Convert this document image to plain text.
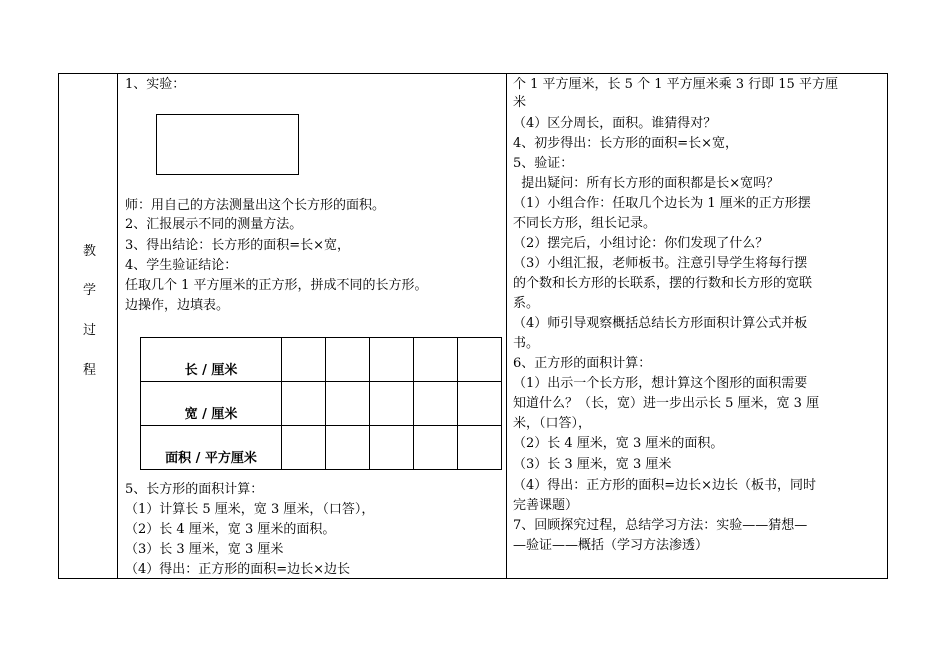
教
学
过
程
1、实验：
师：用自己的方法测量出这个长方形的面积。
2、汇报展示不同的测量方法。
3、得出结论：长方形的面积=长×宽，
4、学生验证结论：
任取几个 1 平方厘米的正方形，拼成不同的长方形。
边操作，边填表。
长 / 厘米					
宽 / 厘米					
面积 / 平方厘米					
5、长方形的面积计算：
（1）计算长 5 厘米，宽 3 厘米，（口答），
（2）长 4 厘米，宽 3 厘米的面积。
（3）长 3 厘米，宽 3 厘米
（4）得出：正方形的面积=边长×边长
个 1 平方厘米，长 5 个 1 平方厘米乘 3 行即 15 平方厘
米
（4）区分周长，面积。谁猜得对？
4、初步得出：长方形的面积=长×宽，
5、验证：
提出疑问：所有长方形的面积都是长×宽吗？
（1）小组合作：任取几个边长为 1 厘米的正方形摆
不同长方形，组长记录。
（2）摆完后，小组讨论：你们发现了什么？
（3）小组汇报，老师板书。注意引导学生将每行摆
的个数和长方形的长联系，摆的行数和长方形的宽联
系。
（4）师引导观察概括总结长方形面积计算公式并板
书。
6、正方形的面积计算：
（1）出示一个长方形，想计算这个图形的面积需要
知道什么？（长，宽）进一步出示长 5 厘米，宽 3 厘
米，（口答），
（2）长 4 厘米，宽 3 厘米的面积。
（3）长 3 厘米，宽 3 厘米
（4）得出：正方形的面积=边长×边长（板书，同时
完善课题）
7、回顾探究过程，总结学习方法：实验——猜想—
—验证——概括（学习方法渗透）
